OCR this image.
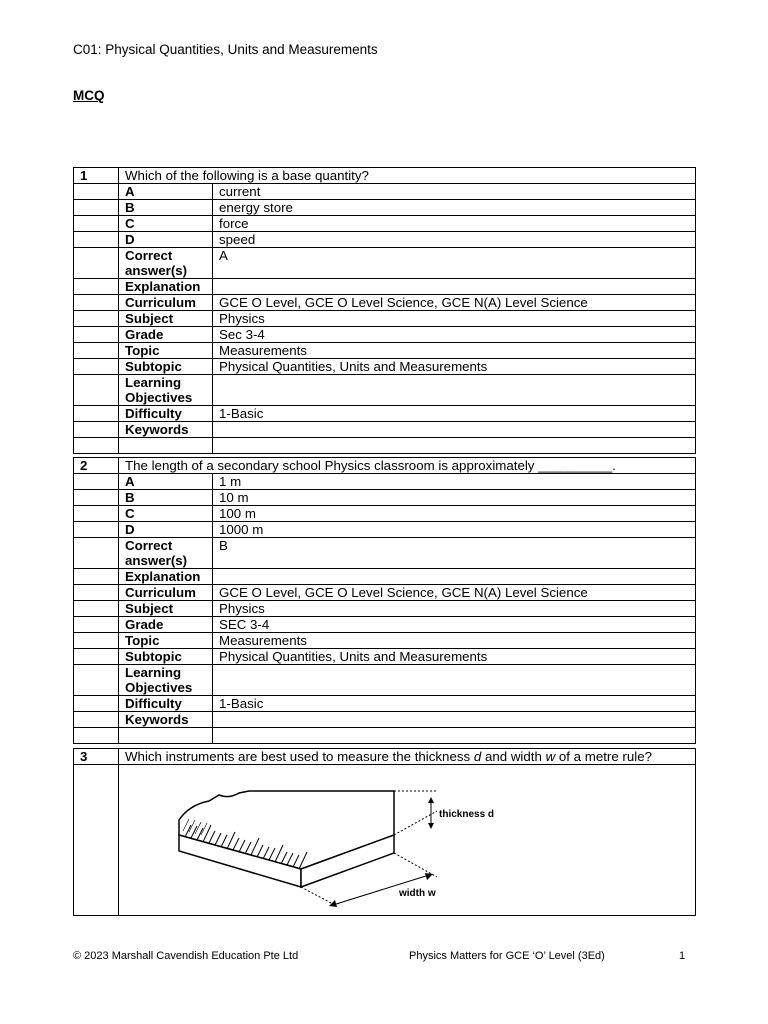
C01: Physical Quantities, Units and Measurements
MCQ
1	Which of the following is a base quantity?	
	A	current
	B	energy store
	C	force
	D	speed
	Correct answer(s)	A
	Explanation	
	Curriculum	GCE O Level, GCE O Level Science, GCE N(A) Level Science
	Subject	Physics
	Grade	Sec 3-4
	Topic	Measurements
	Subtopic	Physical Quantities, Units and Measurements
	Learning Objectives	
	Difficulty	1-Basic
	Keywords	

2	The length of a secondary school Physics classroom is approximately __________.	
	A	1 m
	B	10 m
	C	100 m
	D	1000 m
	Correct answer(s)	B
	Explanation	
	Curriculum	GCE O Level, GCE O Level Science, GCE N(A) Level Science
	Subject	Physics
	Grade	SEC 3-4
	Topic	Measurements
	Subtopic	Physical Quantities, Units and Measurements
	Learning Objectives	
	Difficulty	1-Basic
	Keywords	

3	Which instruments are best used to measure the thickness d and width w of a metre rule?

thickness d
width w
© 2023 Marshall Cavendish Education Pte Ltd	Physics Matters for GCE ‘O’ Level (3Ed)	1
